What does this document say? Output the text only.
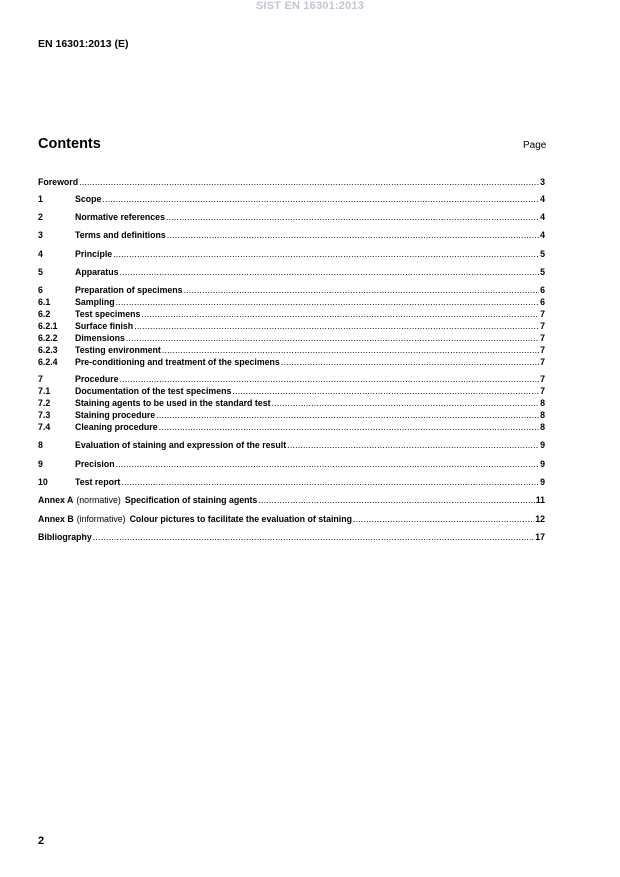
SIST EN 16301:2013
EN 16301:2013 (E)
Contents	Page
Foreword .....	3
1	Scope .....	4
2	Normative references .....	4
3	Terms and definitions .....	4
4	Principle .....	5
5	Apparatus .....	5
6	Preparation of specimens .....	6
6.1	Sampling .....	6
6.2	Test specimens .....	7
6.2.1	Surface finish .....	7
6.2.2	Dimensions .....	7
6.2.3	Testing environment .....	7
6.2.4	Pre-conditioning and treatment of the specimens .....	7
7	Procedure .....	7
7.1	Documentation of the test specimens .....	7
7.2	Staining agents to be used in the standard test .....	8
7.3	Staining procedure .....	8
7.4	Cleaning procedure .....	8
8	Evaluation of staining and expression of the result .....	9
9	Precision .....	9
10	Test report .....	9
Annex A (normative) Specification of staining agents .....	11
Annex B (informative) Colour pictures to facilitate the evaluation of staining .....	12
Bibliography .....	17
2
